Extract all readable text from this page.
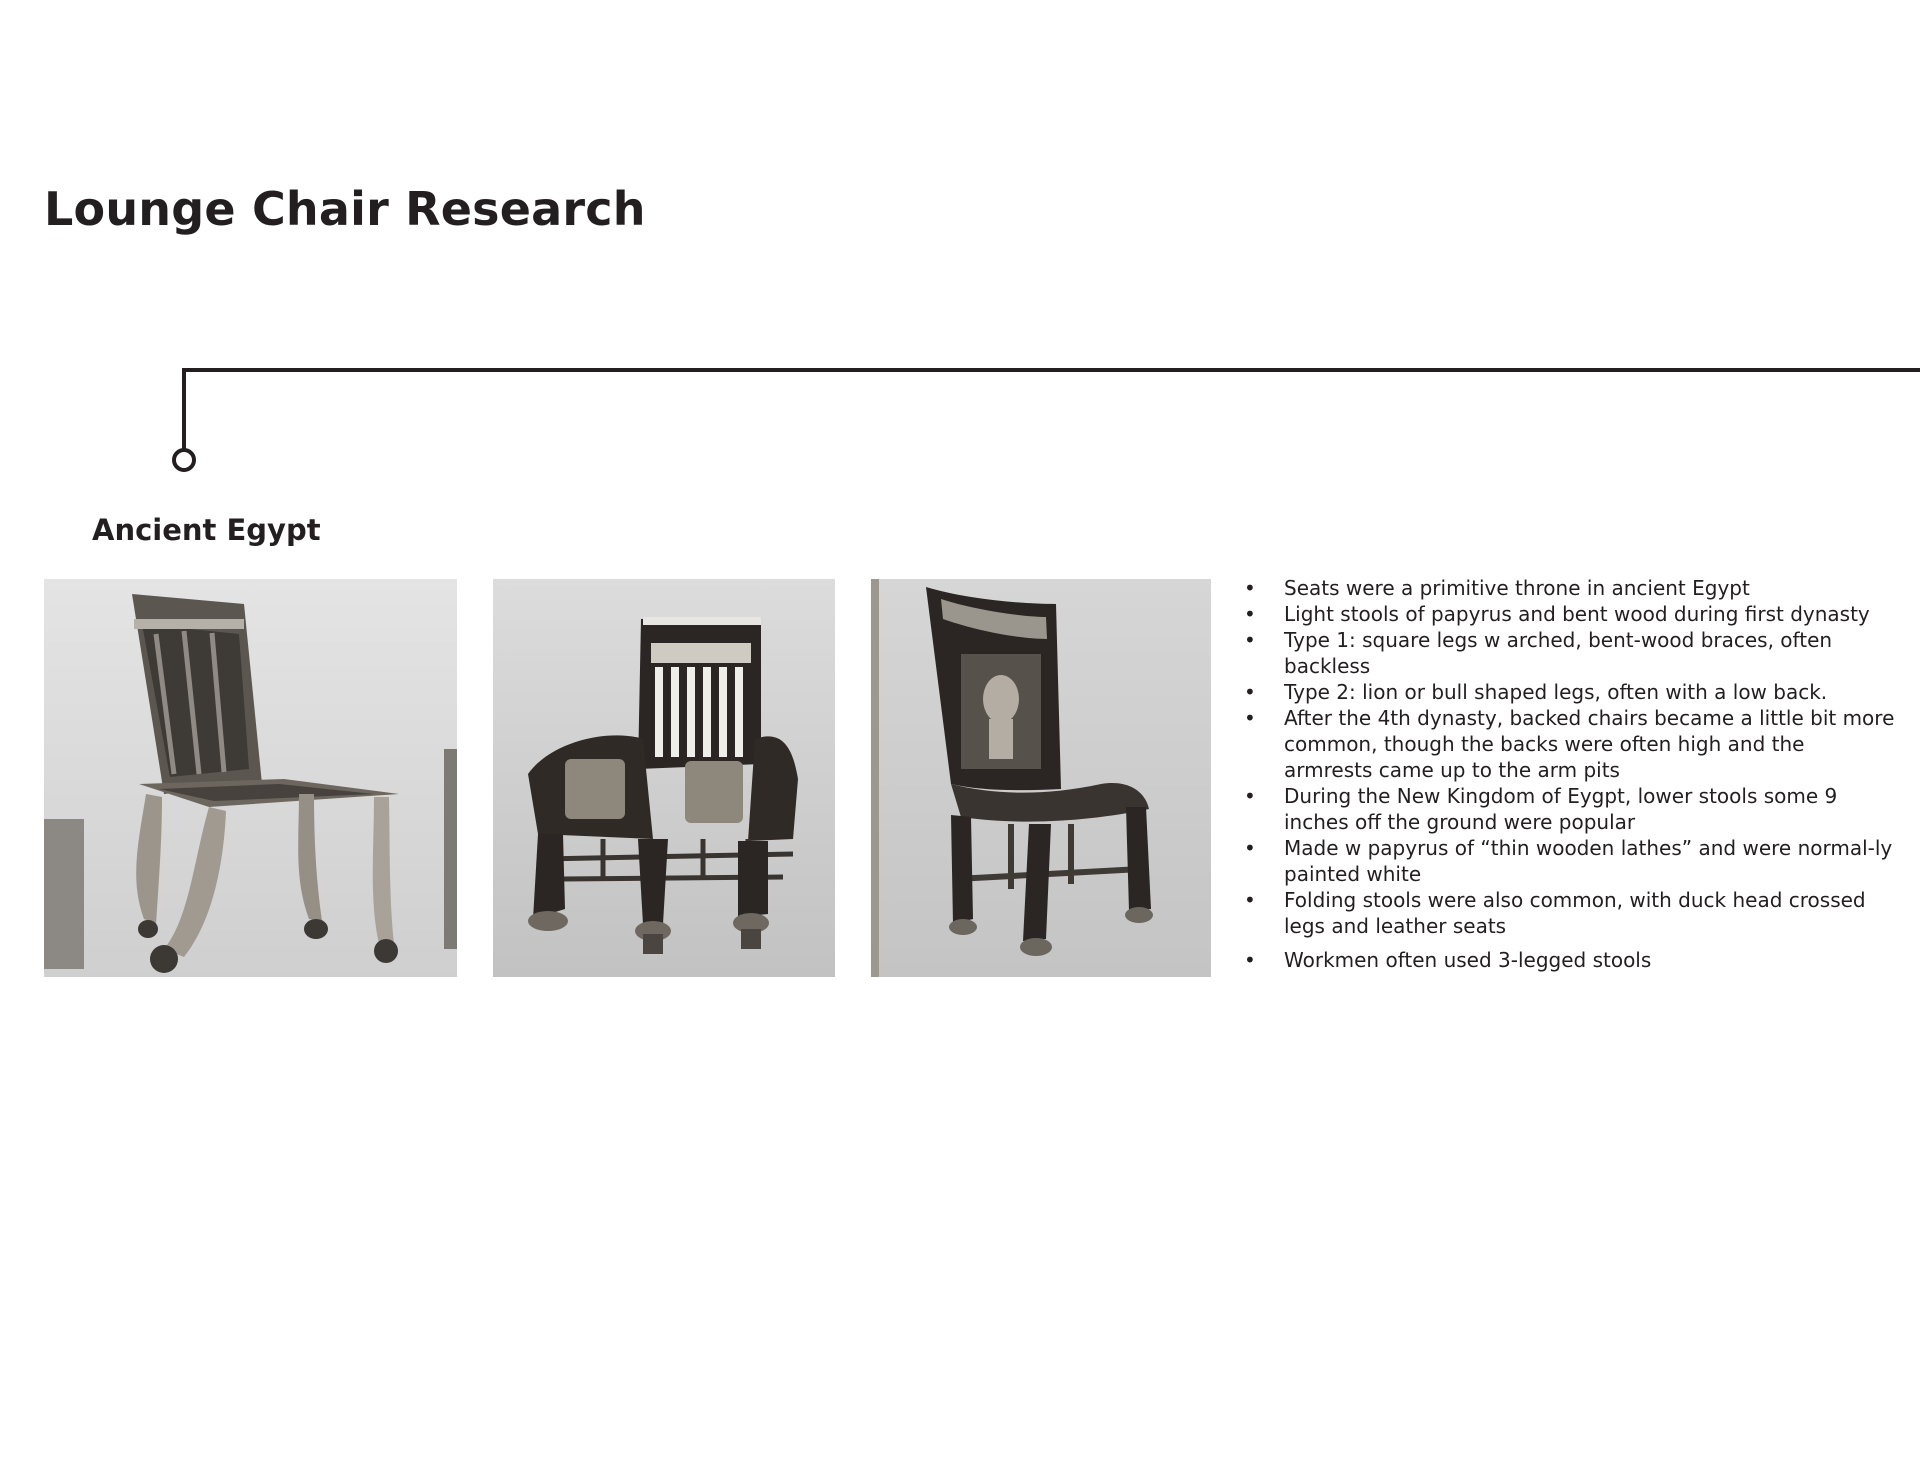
Lounge Chair Research
Ancient Egypt
• Seats were a primitive throne in ancient Egypt
• Light stools of papyrus and bent wood during first dynasty
• Type 1: square legs w arched, bent-wood braces, often backless
• Type 2: lion or bull shaped legs, often with a low back.
• After the 4th dynasty, backed chairs became a little bit more common, though the backs were often high and the armrests came up to the arm pits
• During the New Kingdom of Eygpt, lower stools some 9 inches off the ground were popular
• Made w papyrus of “thin wooden lathes” and were normal-ly painted white
• Folding stools were also common, with duck head crossed legs and leather seats
• Workmen often used 3-legged stools
